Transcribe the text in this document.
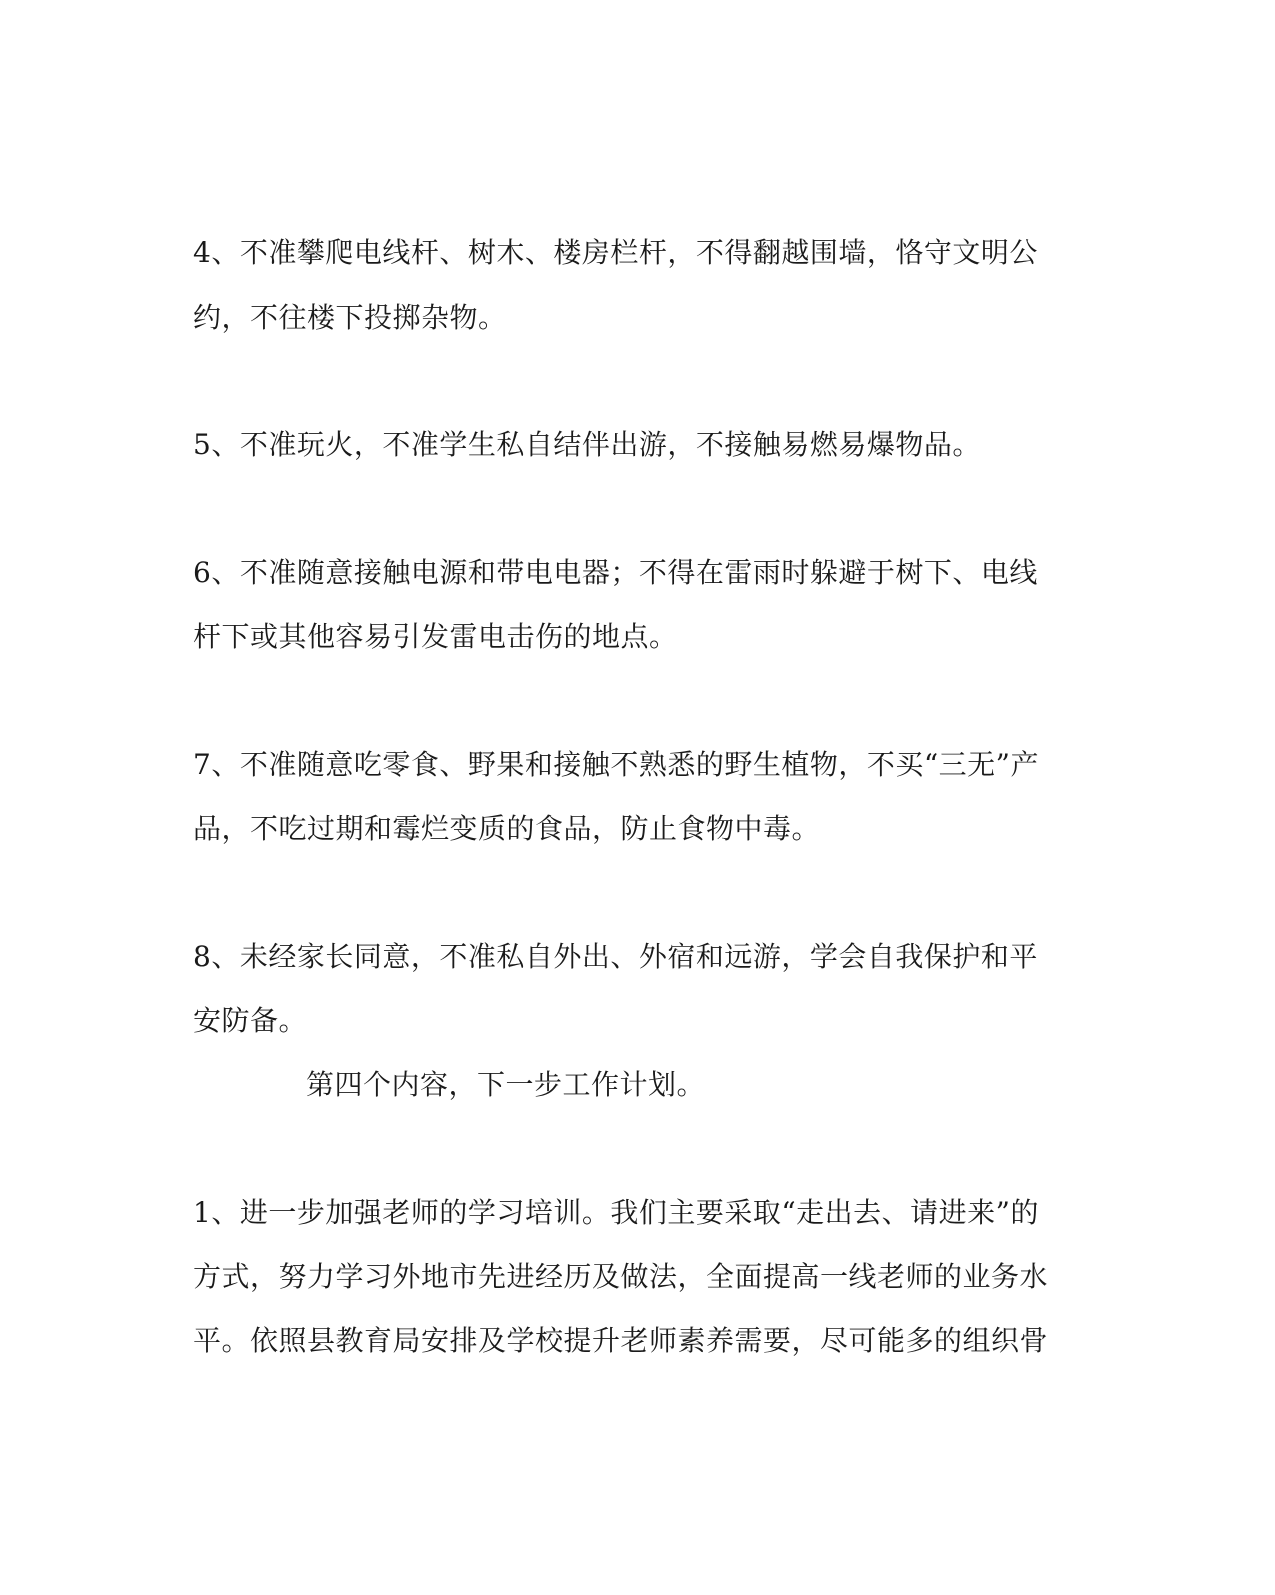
4、不准攀爬电线杆、树木、楼房栏杆，不得翻越围墙，恪守文明公
约，不往楼下投掷杂物。
5、不准玩火，不准学生私自结伴出游，不接触易燃易爆物品。
6、不准随意接触电源和带电电器；不得在雷雨时躲避于树下、电线
杆下或其他容易引发雷电击伤的地点。
7、不准随意吃零食、野果和接触不熟悉的野生植物，不买“三无”产
品，不吃过期和霉烂变质的食品，防止食物中毒。
8、未经家长同意，不准私自外出、外宿和远游，学会自我保护和平
安防备。
第四个内容，下一步工作计划。
1、进一步加强老师的学习培训。我们主要采取“走出去、请进来”的
方式，努力学习外地市先进经历及做法，全面提高一线老师的业务水
平。依照县教育局安排及学校提升老师素养需要，尽可能多的组织骨
